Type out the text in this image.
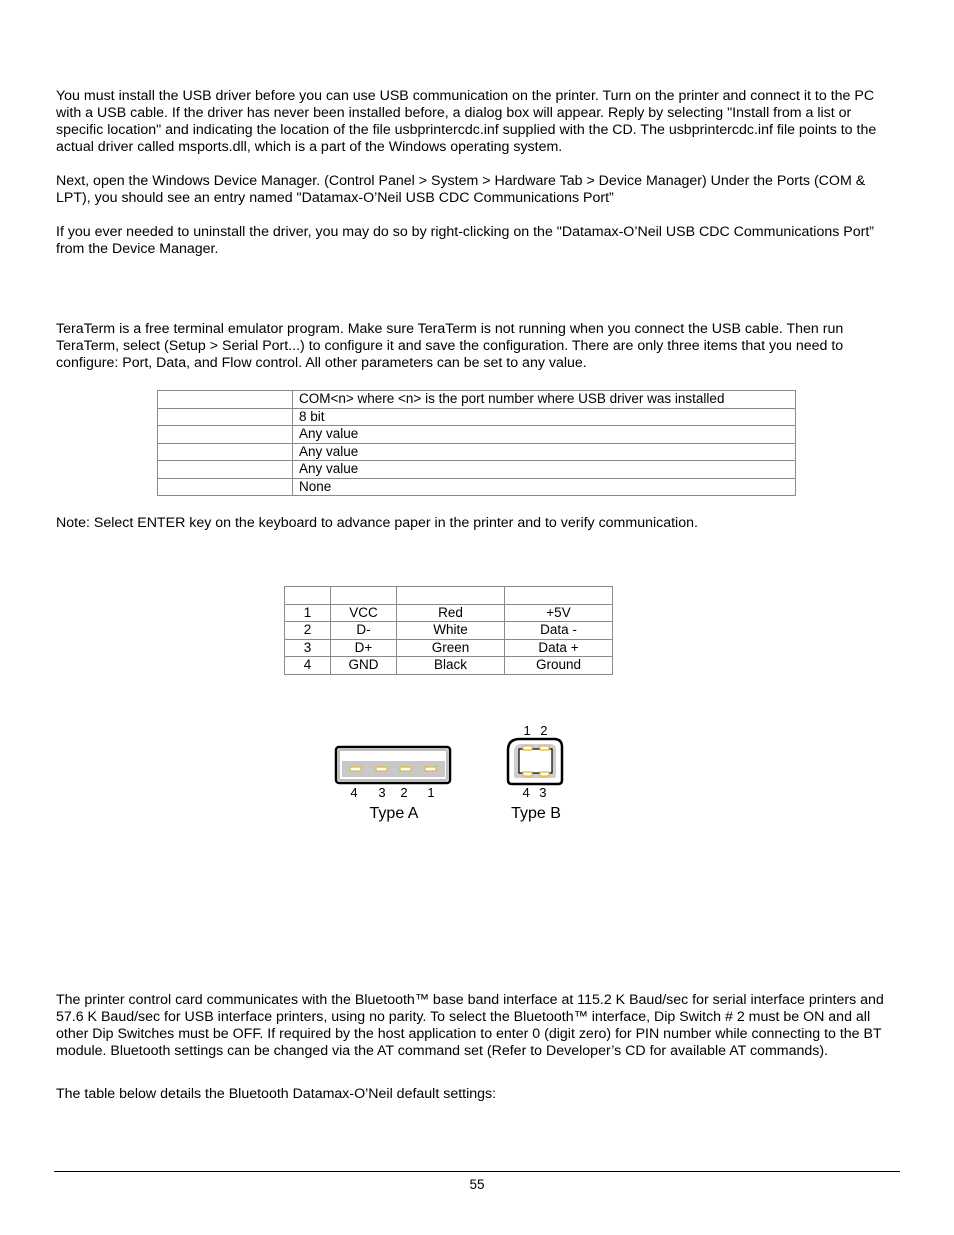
You must install the USB driver before you can use USB communication on the printer. Turn on the printer and connect it to the PC with a USB cable. If the driver has never been installed before, a dialog box will appear. Reply by selecting "Install from a list or specific location" and indicating the location of the file usbprintercdc.inf supplied with the CD. The usbprintercdc.inf file points to the actual driver called msports.dll, which is a part of the Windows operating system.

Next, open the Windows Device Manager. (Control Panel > System > Hardware Tab > Device Manager) Under the Ports (COM & LPT), you should see an entry named "Datamax-O’Neil USB CDC Communications Port”

If you ever needed to uninstall the driver, you may do so by right-clicking on the "Datamax-O’Neil USB CDC Communications Port” from the Device Manager.

TeraTerm is a free terminal emulator program. Make sure TeraTerm is not running when you connect the USB cable. Then run TeraTerm, select (Setup > Serial Port...) to configure it and save the configuration. There are only three items that you need to configure: Port, Data, and Flow control. All other parameters can be set to any value.

	COM<n> where <n> is the port number where USB driver was installed
	8 bit
	Any value
	Any value
	Any value
	None

Note: Select ENTER key on the keyboard to advance paper in the printer and to verify communication.

1	VCC	Red	+5V
2	D-	White	Data -
3	D+	Green	Data +
4	GND	Black	Ground
4 3 2 1
Type A
1 2
4 3
Type B

The printer control card communicates with the Bluetooth™ base band interface at 115.2 K Baud/sec for serial interface printers and 57.6 K Baud/sec for USB interface printers, using no parity. To select the Bluetooth™ interface, Dip Switch # 2 must be ON and all other Dip Switches must be OFF. If required by the host application to enter 0 (digit zero) for PIN number while connecting to the BT module. Bluetooth settings can be changed via the AT command set (Refer to Developer’s CD for available AT commands).

The table below details the Bluetooth Datamax-O’Neil default settings:

55
